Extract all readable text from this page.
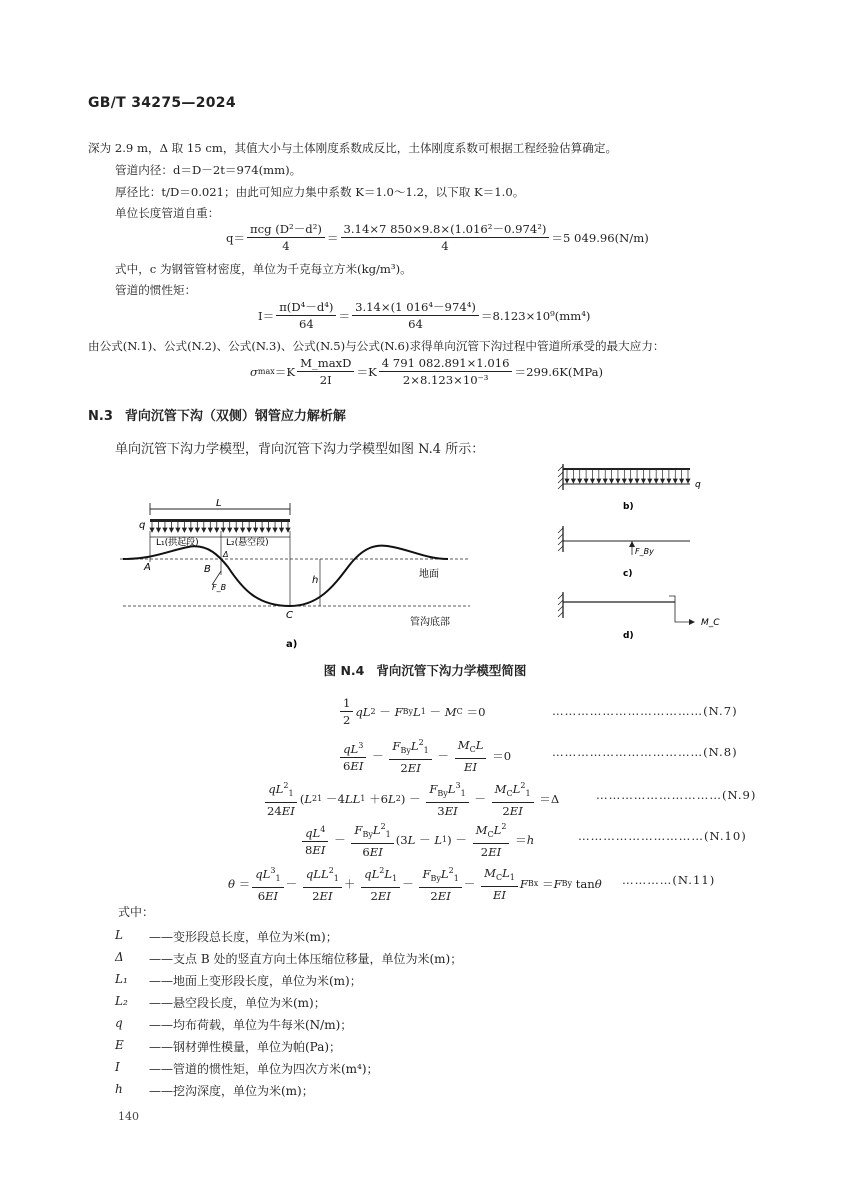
GB/T 34275—2024
深为 2.9 m，Δ 取 15 cm，其值大小与土体刚度系数成反比，土体刚度系数可根据工程经验估算确定。
管道内径：d＝D－2t＝974(mm)。
厚径比：t/D＝0.021；由此可知应力集中系数 K＝1.0～1.2，以下取 K＝1.0。
单位长度管道自重：
$q= \frac{\text{πcg (D²－d²)}}{4} = \frac{\text{3.14×7 850×9.8×(1.016²－0.974²)}}{4} =5$ 049.96(N/m)
式中，c 为钢管管材密度，单位为千克每立方米(kg/m³)。
管道的惯性矩：
$I= \frac{\text{π(D⁴－d⁴)}}{64} = \frac{\text{3.14×(1 016⁴－974⁴)}}{64} =8.123\times 10^9(mm^4)$
由公式(N.1)、公式(N.2)、公式(N.3)、公式(N.5)与公式(N.6)求得单向沉管下沟过程中管道所承受的最大应力：
σ $\max =K \frac{M\_\max D}{2I} =K \frac{4 791 082.891\times 1.016}{\text{2×8.123×10⁻³}} =299.6K(MPa)$
N.3 背向沉管下沟（双侧）钢管应力解析解
单向沉管下沟力学模型，背向沉管下沟力学模型如图 N.4 所示：
L
q
L₁(拱起段)	L₂(悬空段)
Δ
A	B
F_B
h
C
地面
管沟底部
a)
q
b)
F_By
c)
M_C
d)
图 N.4 背向沉管下沟力学模型简图
$\frac{1}{2}$ qL 2 － F By L 1 － M C ＝0	………………………………(N.7)
$\frac{qL^3}{6EI} - \frac{F_{By}L^2_1}{2EI} - \frac{M_CL}{EI} =0$	………………………………(N.8)
$\frac{qL^2_1}{24EI}$ ( L 2 1 －4 LL 1 ＋6 L 2 ) － $\frac{F_{By}L^3_1}{3EI} - \frac{M_CL^2_1}{2EI} =\Delta$	…………………………(N.9)
$\frac{qL^4}{8EI} - \frac{F_{By}L^2_1}{6EI} (3$ L － L 1 ) － $\frac{M_CL^2}{2EI} = h$	…………………………(N.10)
$\theta = \frac{qL^3_1}{6EI} - \frac{qLL^2_1}{2EI} + \frac{qL^2L_1}{2EI} - \frac{F_{By}L^2_1}{2EI} - \frac{M_CL_1}{EI}$ F Bx ＝ F By tan θ …………(N.11)
式中：
L	——变形段总长度，单位为米(m)；
Δ	——支点 B 处的竖直方向土体压缩位移量，单位为米(m)；
L₁	——地面上变形段长度，单位为米(m)；
L₂	——悬空段长度，单位为米(m)；
q	——均布荷载，单位为牛每米(N/m)；
E	——钢材弹性模量，单位为帕(Pa)；
I	——管道的惯性矩，单位为四次方米(m⁴)；
h	——挖沟深度，单位为米(m)；
140
